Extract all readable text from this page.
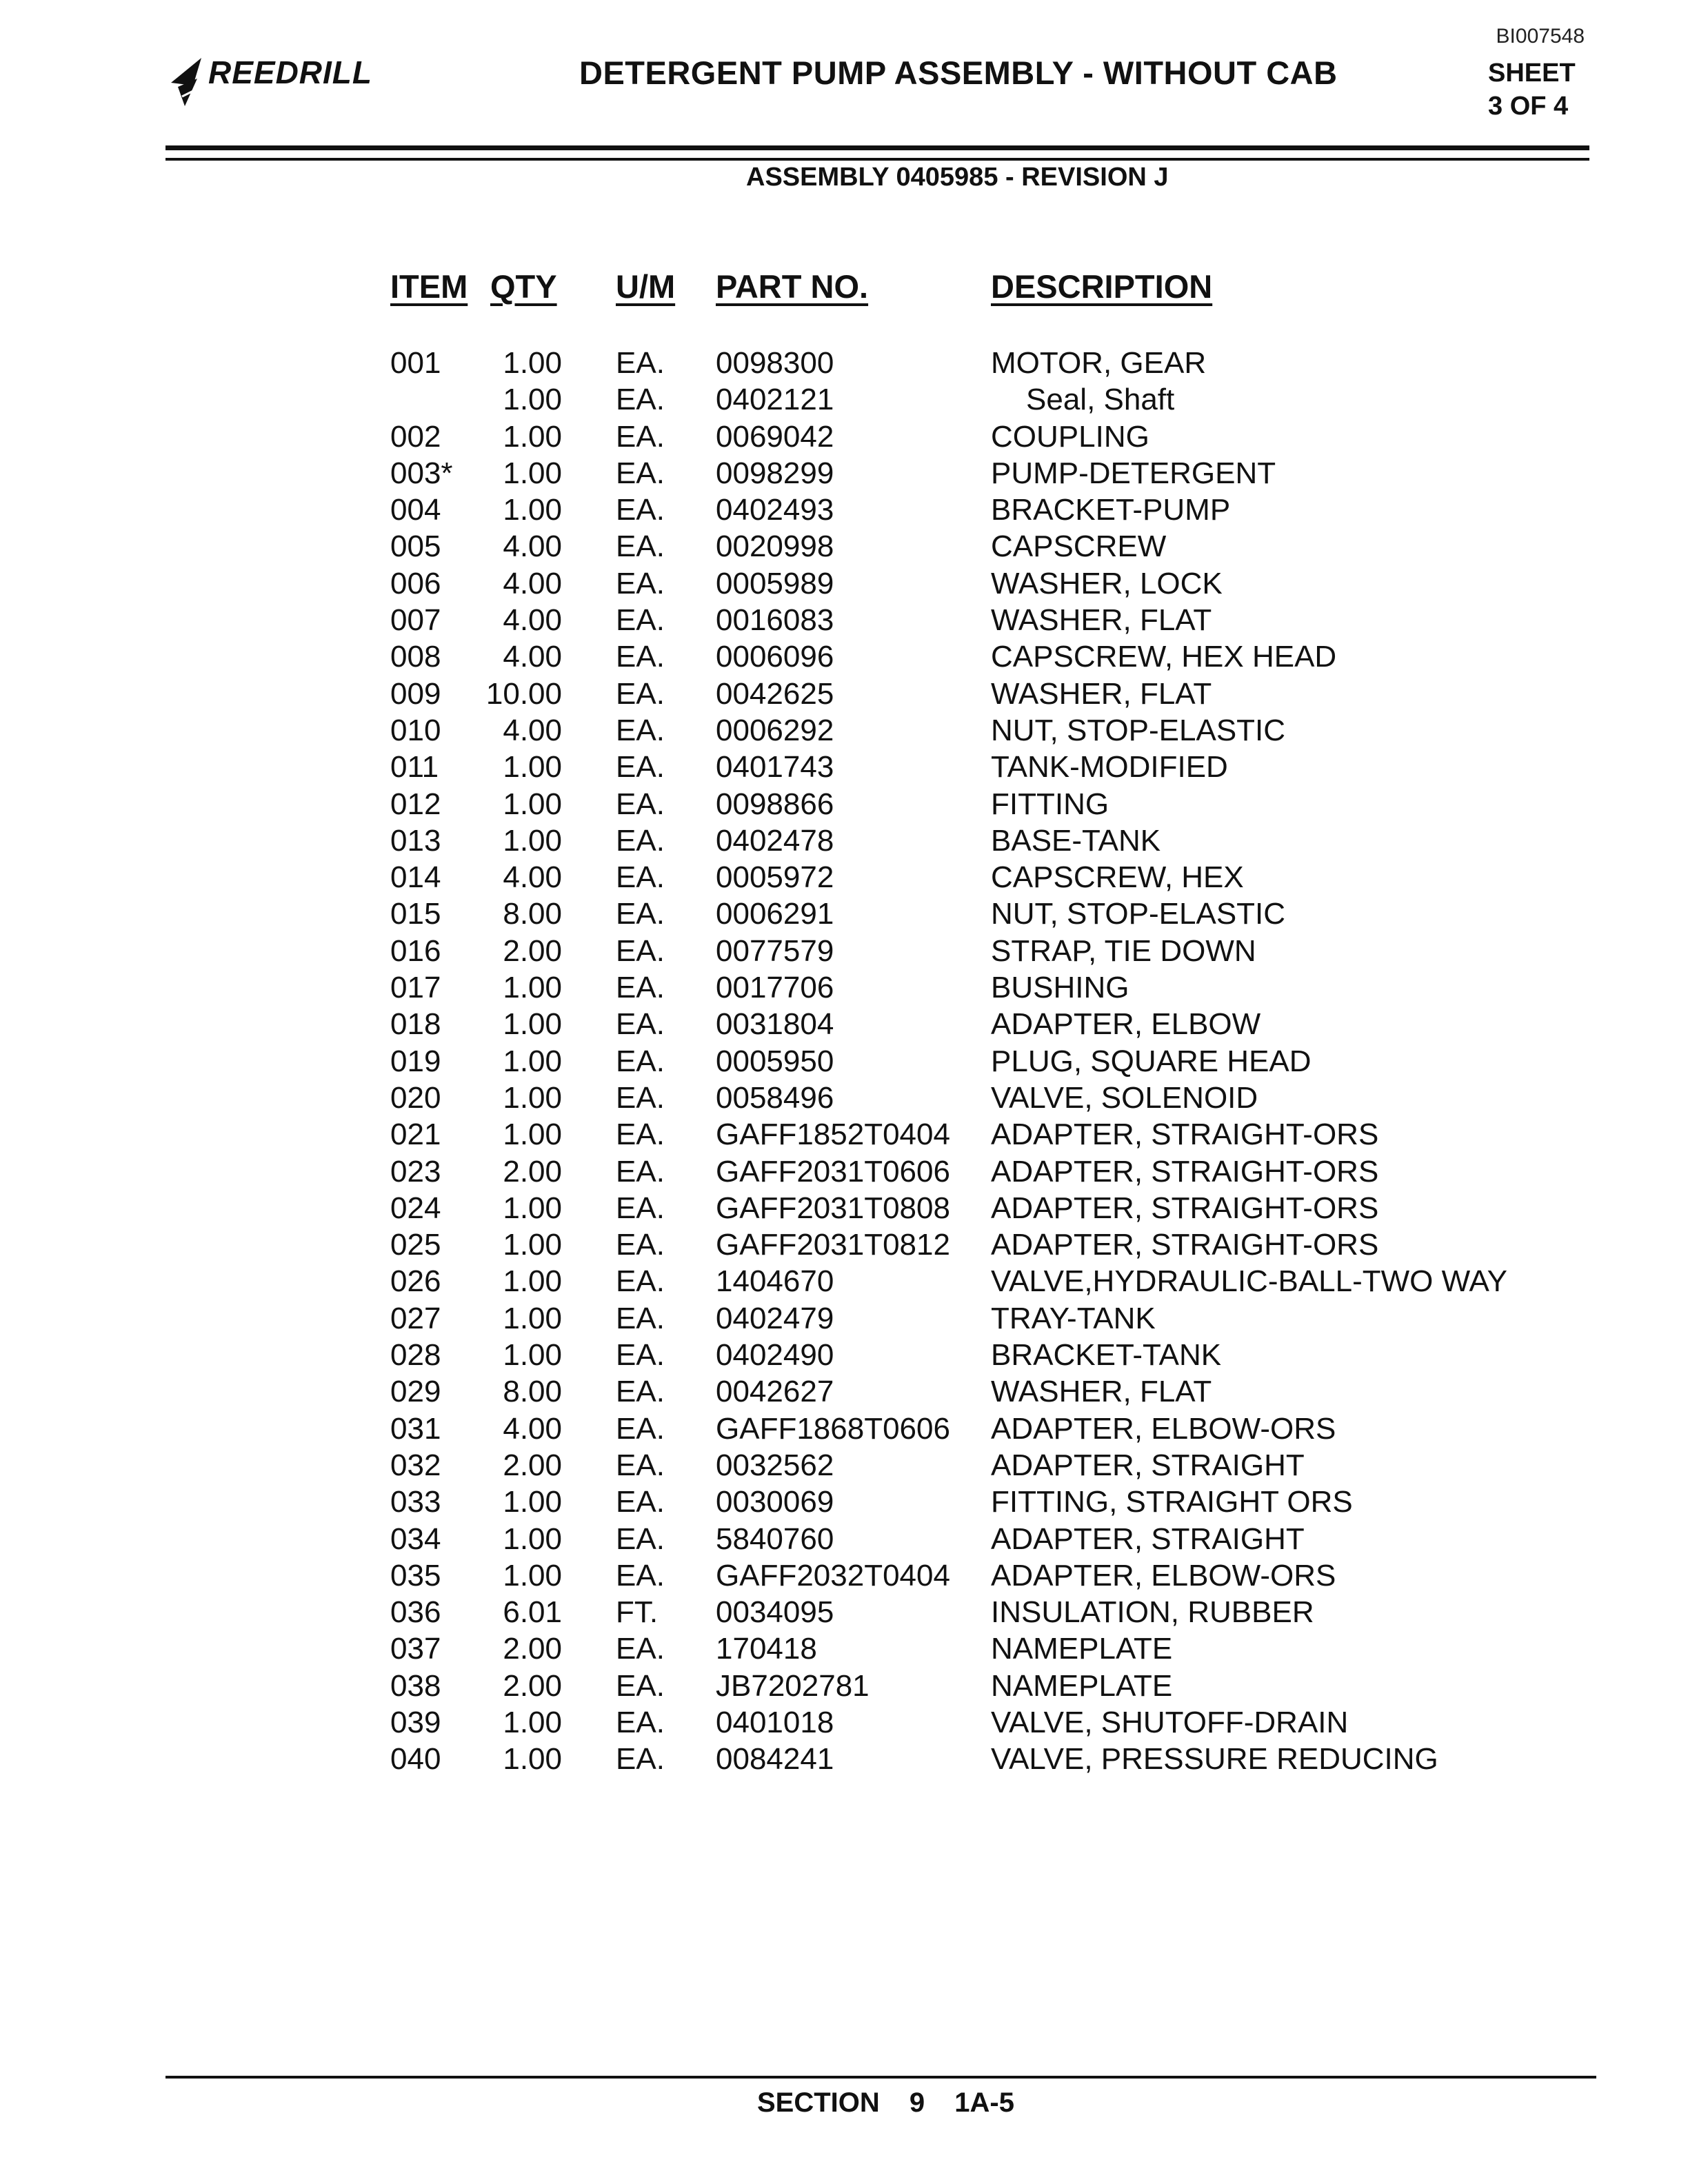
REEDRILL
BI007548
DETERGENT PUMP ASSEMBLY - WITHOUT CAB	SHEET
3 OF 4
ASSEMBLY 0405985 - REVISION J
ITEM QTY U/M PART NO.	DESCRIPTION
001	1.00 EA. 0098300	MOTOR, GEAR
1.00 EA. 0402121	Seal, Shaft
002	1.00 EA. 0069042	COUPLING
003*	1.00 EA. 0098299	PUMP-DETERGENT
004	1.00 EA. 0402493	BRACKET-PUMP
005	4.00 EA. 0020998	CAPSCREW
006	4.00 EA. 0005989	WASHER, LOCK
007	4.00 EA. 0016083	WASHER, FLAT
008	4.00 EA. 0006096	CAPSCREW, HEX HEAD
009 10.00 EA. 0042625	WASHER, FLAT
010	4.00 EA. 0006292	NUT, STOP-ELASTIC
011	1.00 EA. 0401743	TANK-MODIFIED
012	1.00 EA. 0098866	FITTING
013	1.00 EA. 0402478	BASE-TANK
014	4.00 EA. 0005972	CAPSCREW, HEX
015	8.00 EA. 0006291	NUT, STOP-ELASTIC
016	2.00 EA. 0077579	STRAP, TIE DOWN
017	1.00 EA. 0017706	BUSHING
018	1.00 EA. 0031804	ADAPTER, ELBOW
019	1.00 EA. 0005950	PLUG, SQUARE HEAD
020	1.00 EA. 0058496	VALVE, SOLENOID
021	1.00 EA. GAFF1852T0404 ADAPTER, STRAIGHT-ORS
023	2.00 EA. GAFF2031T0606 ADAPTER, STRAIGHT-ORS
024	1.00 EA. GAFF2031T0808 ADAPTER, STRAIGHT-ORS
025	1.00 EA. GAFF2031T0812 ADAPTER, STRAIGHT-ORS
026	1.00 EA. 1404670	VALVE,HYDRAULIC-BALL-TWO WAY
027	1.00 EA. 0402479	TRAY-TANK
028	1.00 EA. 0402490	BRACKET-TANK
029	8.00 EA. 0042627	WASHER, FLAT
031	4.00 EA. GAFF1868T0606 ADAPTER, ELBOW-ORS
032	2.00 EA. 0032562	ADAPTER, STRAIGHT
033	1.00 EA. 0030069	FITTING, STRAIGHT ORS
034	1.00 EA. 5840760	ADAPTER, STRAIGHT
035	1.00 EA. GAFF2032T0404 ADAPTER, ELBOW-ORS
036	6.01 FT. 0034095	INSULATION, RUBBER
037	2.00 EA. 170418	NAMEPLATE
038	2.00 EA. JB7202781	NAMEPLATE
039	1.00 EA. 0401018	VALVE, SHUTOFF-DRAIN
040	1.00 EA. 0084241	VALVE, PRESSURE REDUCING
SECTION 9 1A-5
